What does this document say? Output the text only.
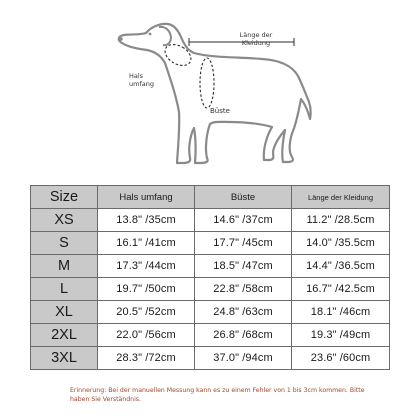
Länge der
Kleidung
Hals
umfang
Büste
Size	Hals umfang	Büste	Länge der Kleidung
XS	13.8" /35cm	14.6" /37cm	11.2" /28.5cm
S	16.1" /41cm	17.7" /45cm	14.0" /35.5cm
M	17.3" /44cm	18.5" /47cm	14.4" /36.5cm
L	19.7" /50cm	22.8" /58cm	16.7" /42.5cm
XL	20.5" /52cm	24.8" /63cm	18.1" /46cm
2XL	22.0" /56cm	26.8" /68cm	19.3" /49cm
3XL	28.3" /72cm	37.0" /94cm	23.6" /60cm
Erinnerung: Bei der manuellen Messung kann es zu einem Fehler von 1 bis 3cm kommen. Bitte haben Sie Verständnis.
